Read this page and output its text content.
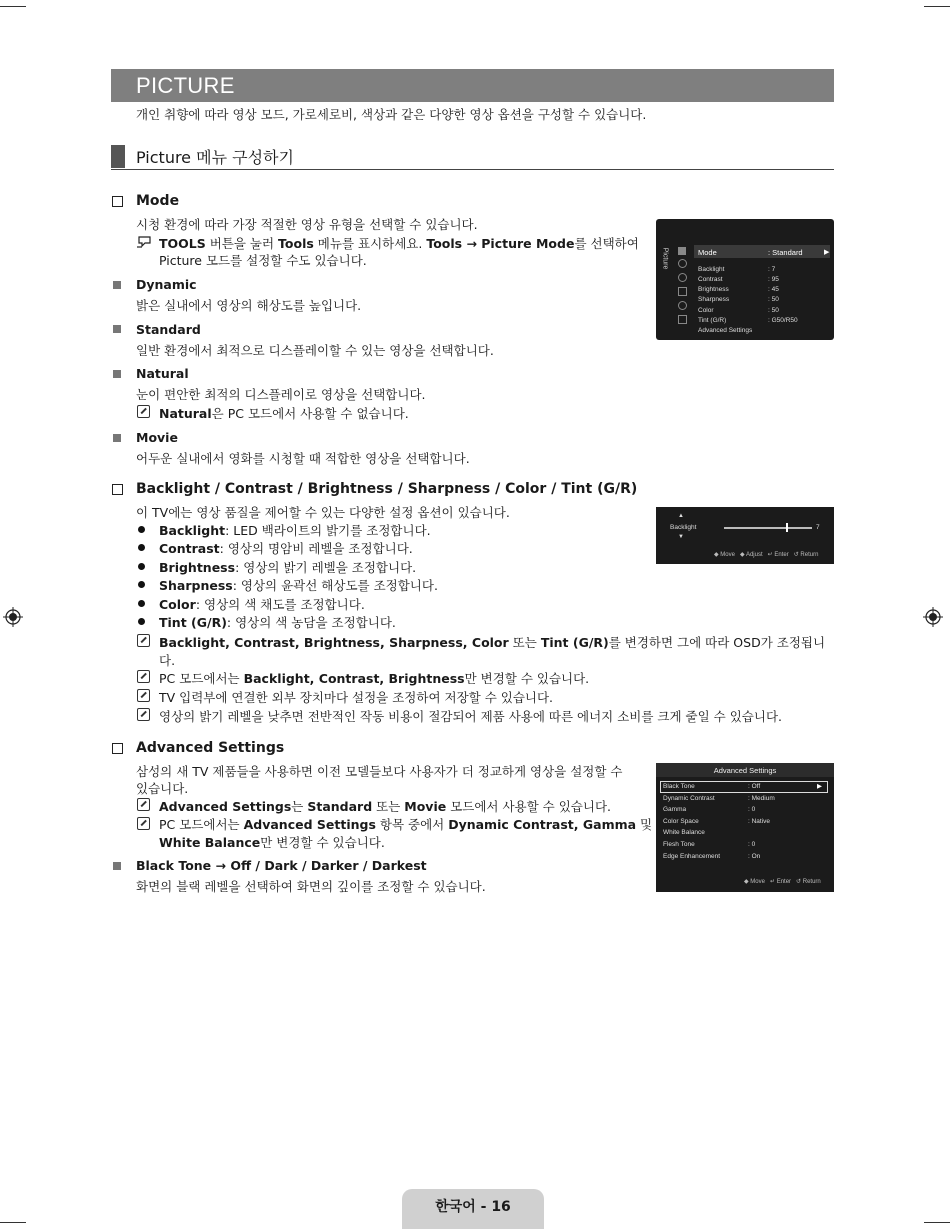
PICTURE
개인 취향에 따라 영상 모드, 가로세로비, 색상과 같은 다양한 영상 옵션을 구성할 수 있습니다.
Picture 메뉴 구성하기
Mode
시청 환경에 따라 가장 적절한 영상 유형을 선택할 수 있습니다.
TOOLS 버튼을 눌러 Tools 메뉴를 표시하세요. Tools → Picture Mode를 선택하여
Picture 모드를 설정할 수도 있습니다.
Dynamic
밝은 실내에서 영상의 해상도를 높입니다.
Standard
일반 환경에서 최적으로 디스플레이할 수 있는 영상을 선택합니다.
Natural
눈이 편안한 최적의 디스플레이로 영상을 선택합니다.
Natural은 PC 모드에서 사용할 수 없습니다.
Movie
어두운 실내에서 영화를 시청할 때 적합한 영상을 선택합니다.
Picture	Mode	: Standard	▶
Backlight	: 7
Contrast	: 95
Brightness	: 45
Sharpness	: 50
Color	: 50
Tint (G/R)	: G50/R50
Advanced Settings
Backlight / Contrast / Brightness / Sharpness / Color / Tint (G/R)
이 TV에는 영상 품질을 제어할 수 있는 다양한 설정 옵션이 있습니다.
Backlight: LED 백라이트의 밝기를 조정합니다.
Contrast: 영상의 명암비 레벨을 조정합니다.
Brightness: 영상의 밝기 레벨을 조정합니다.
Sharpness: 영상의 윤곽선 해상도를 조정합니다.
Color: 영상의 색 채도를 조정합니다.
Tint (G/R): 영상의 색 농담을 조정합니다.
Backlight, Contrast, Brightness, Sharpness, Color 또는 Tint (G/R)를 변경하면 그에 따라 OSD가 조정됩니
다.
PC 모드에서는 Backlight, Contrast, Brightness만 변경할 수 있습니다.
TV 입력부에 연결한 외부 장치마다 설정을 조정하여 저장할 수 있습니다.
영상의 밝기 레벨을 낮추면 전반적인 작동 비용이 절감되어 제품 사용에 따른 에너지 소비를 크게 줄일 수 있습니다.
▲
Backlight
▼
7
◆ Move ◆ Adjust ↵ Enter ↺ Return
Advanced Settings
삼성의 새 TV 제품들을 사용하면 이전 모델들보다 사용자가 더 정교하게 영상을 설정할 수
있습니다.
Advanced Settings는 Standard 또는 Movie 모드에서 사용할 수 있습니다.
PC 모드에서는 Advanced Settings 항목 중에서 Dynamic Contrast, Gamma 및
White Balance만 변경할 수 있습니다.
Black Tone → Off / Dark / Darker / Darkest
화면의 블랙 레벨을 선택하여 화면의 깊이를 조정할 수 있습니다.
Advanced Settings
▶
Black Tone	: Off
Dynamic Contrast	: Medium
Gamma	: 0
Color Space	: Native
White Balance
Flesh Tone	: 0
Edge Enhancement	: On
◆ Move ↵ Enter ↺ Return
한국어 - 16
